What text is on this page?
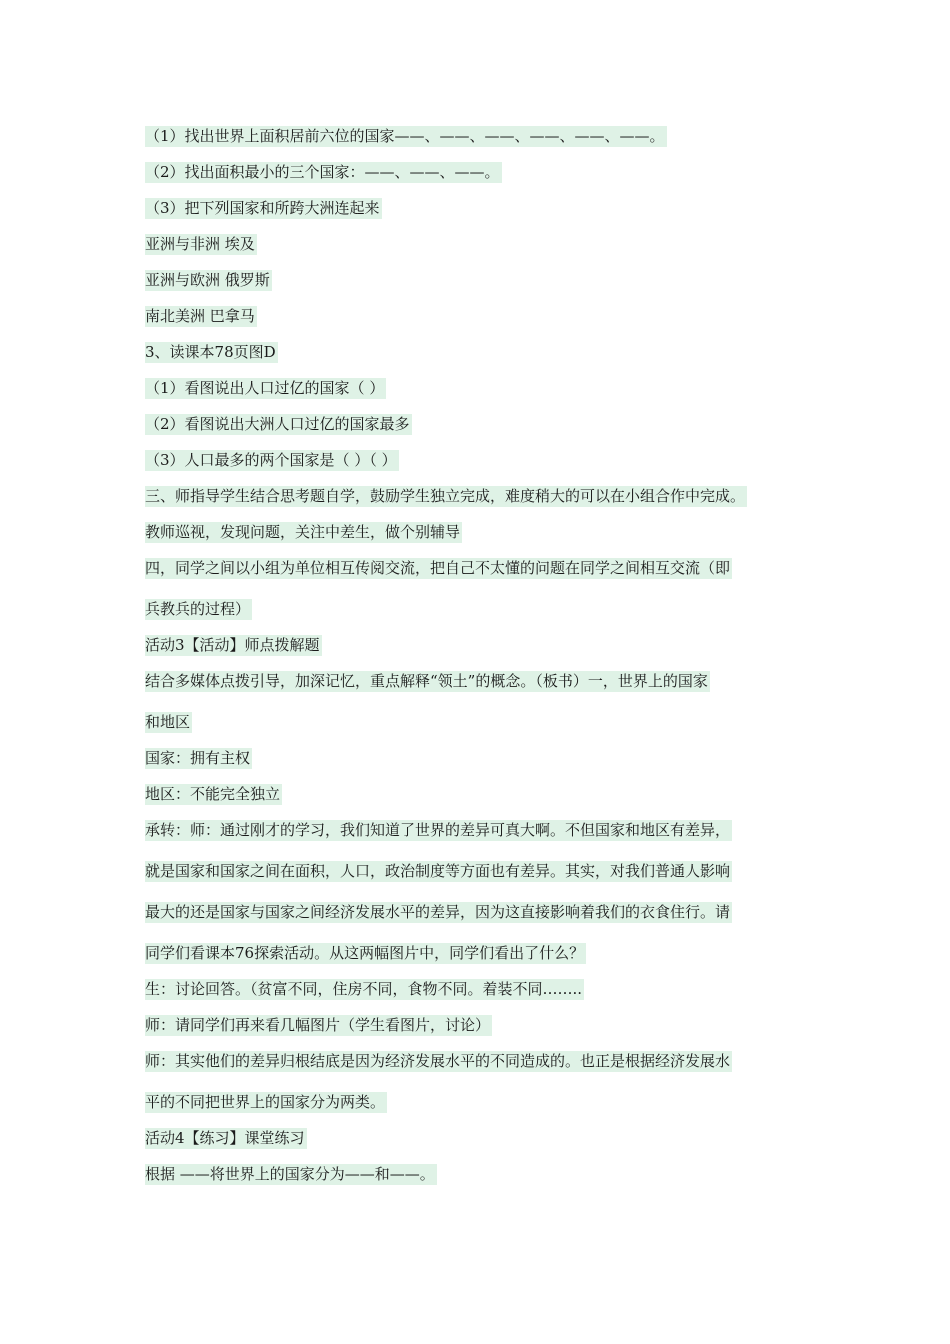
（1）找出世界上面积居前六位的国家——、——、——、——、——、——。
（2）找出面积最小的三个国家：——、——、——。
（3）把下列国家和所跨大洲连起来
亚洲与非洲 埃及
亚洲与欧洲 俄罗斯
南北美洲 巴拿马
3、读课本78页图D
（1）看图说出人口过亿的国家（ ）
（2）看图说出大洲人口过亿的国家最多
（3）人口最多的两个国家是（ ）（ ）
三、师指导学生结合思考题自学，鼓励学生独立完成，难度稍大的可以在小组合作中完成。
教师巡视，发现问题，关注中差生，做个别辅导
四，同学之间以小组为单位相互传阅交流，把自己不太懂的问题在同学之间相互交流（即
兵教兵的过程）
活动3【活动】师点拨解题
结合多媒体点拨引导，加深记忆，重点解释“领土”的概念。（板书）一，世界上的国家
和地区
国家：拥有主权
地区：不能完全独立
承转：师：通过刚才的学习，我们知道了世界的差异可真大啊。不但国家和地区有差异，
就是国家和国家之间在面积，人口，政治制度等方面也有差异。其实，对我们普通人影响
最大的还是国家与国家之间经济发展水平的差异，因为这直接影响着我们的衣食住行。请
同学们看课本76探索活动。从这两幅图片中，同学们看出了什么？
生：讨论回答。（贫富不同，住房不同，食物不同。着装不同……..
师：请同学们再来看几幅图片（学生看图片，讨论）
师：其实他们的差异归根结底是因为经济发展水平的不同造成的。也正是根据经济发展水
平的不同把世界上的国家分为两类。
活动4【练习】课堂练习
根据 ——将世界上的国家分为——和——。
